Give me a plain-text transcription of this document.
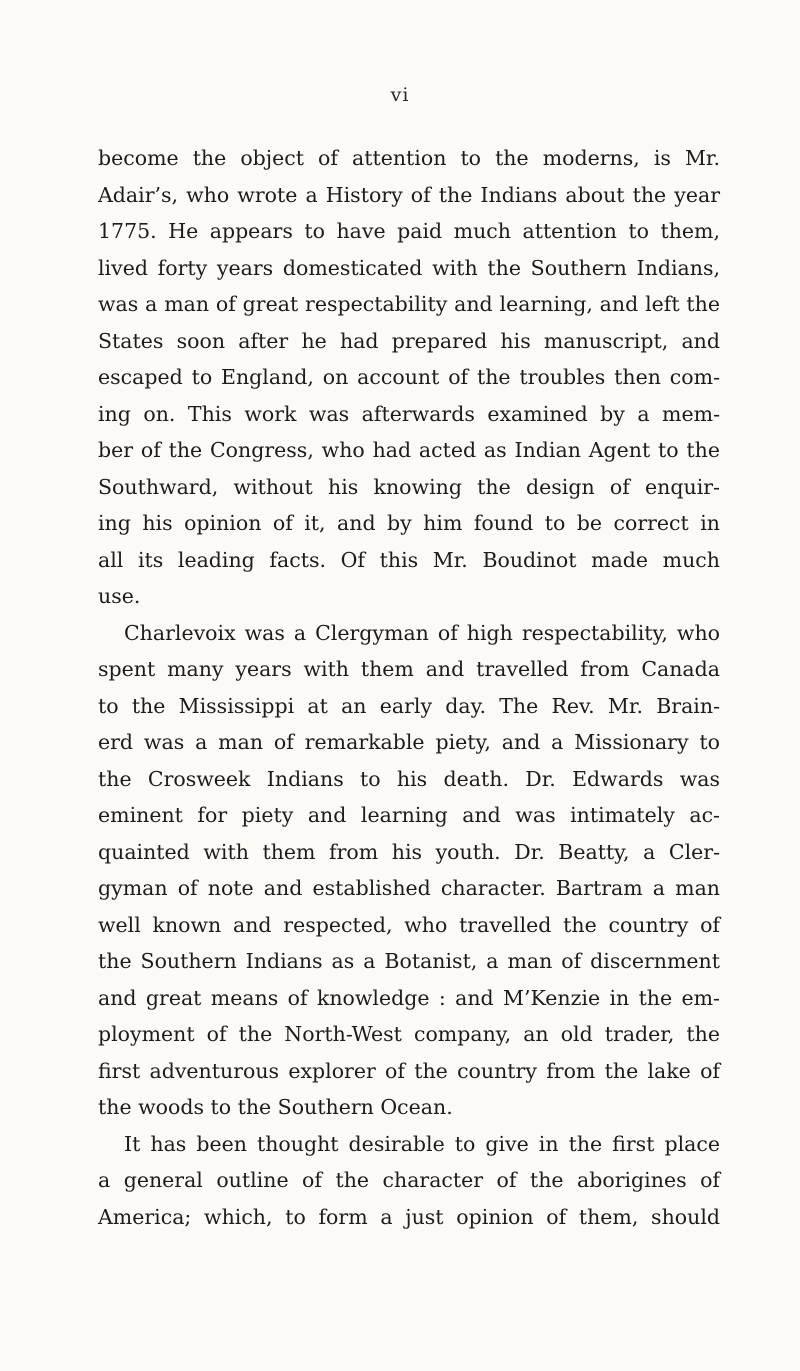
vi
become the object of attention to the moderns, is Mr.
Adair’s, who wrote a History of the Indians about the year
1775. He appears to have paid much attention to them,
lived forty years domesticated with the Southern Indians,
was a man of great respectability and learning, and left the
States soon after he had prepared his manuscript, and
escaped to England, on account of the troubles then com-
ing on. This work was afterwards examined by a mem-
ber of the Congress, who had acted as Indian Agent to the
Southward, without his knowing the design of enquir-
ing his opinion of it, and by him found to be correct in
all its leading facts. Of this Mr. Boudinot made much
use.
Charlevoix was a Clergyman of high respectability, who
spent many years with them and travelled from Canada
to the Mississippi at an early day. The Rev. Mr. Brain-
erd was a man of remarkable piety, and a Missionary to
the Crosweek Indians to his death. Dr. Edwards was
eminent for piety and learning and was intimately ac-
quainted with them from his youth. Dr. Beatty, a Cler-
gyman of note and established character. Bartram a man
well known and respected, who travelled the country of
the Southern Indians as a Botanist, a man of discernment
and great means of knowledge : and M’Kenzie in the em-
ployment of the North-West company, an old trader, the
first adventurous explorer of the country from the lake of
the woods to the Southern Ocean.
It has been thought desirable to give in the first place
a general outline of the character of the aborigines of
America; which, to form a just opinion of them, should
